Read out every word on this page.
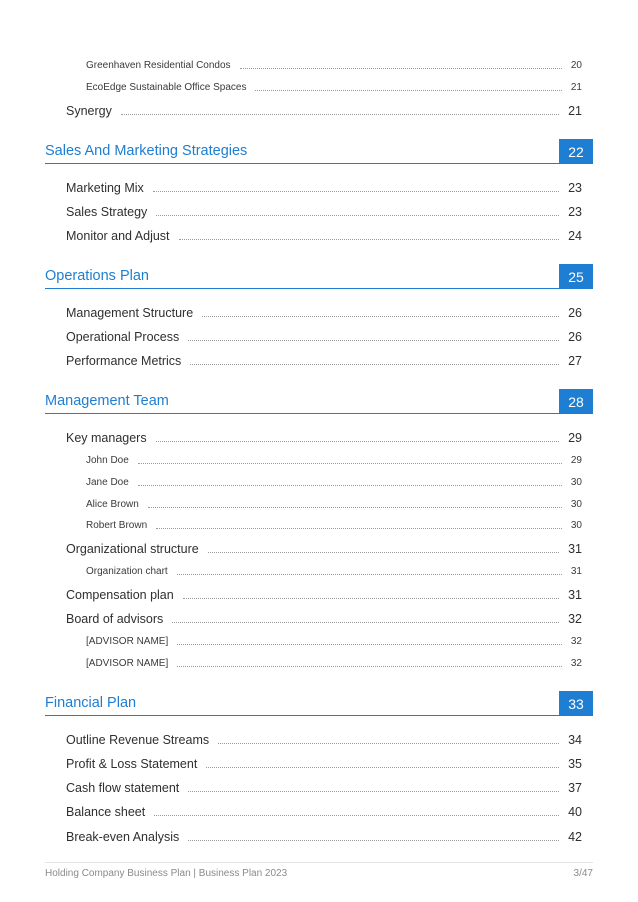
Greenhaven Residential Condos	20
EcoEdge Sustainable Office Spaces	21
Synergy	21
Sales And Marketing Strategies	22
Marketing Mix	23
Sales Strategy	23
Monitor and Adjust	24
Operations Plan	25
Management Structure	26
Operational Process	26
Performance Metrics	27
Management Team	28
Key managers	29
John Doe	29
Jane Doe	30
Alice Brown	30
Robert Brown	30
Organizational structure	31
Organization chart	31
Compensation plan	31
Board of advisors	32
[ADVISOR NAME]	32
[ADVISOR NAME]	32
Financial Plan	33
Outline Revenue Streams	34
Profit & Loss Statement	35
Cash flow statement	37
Balance sheet	40
Break-even Analysis	42
Holding Company Business Plan | Business Plan 2023	3/47
